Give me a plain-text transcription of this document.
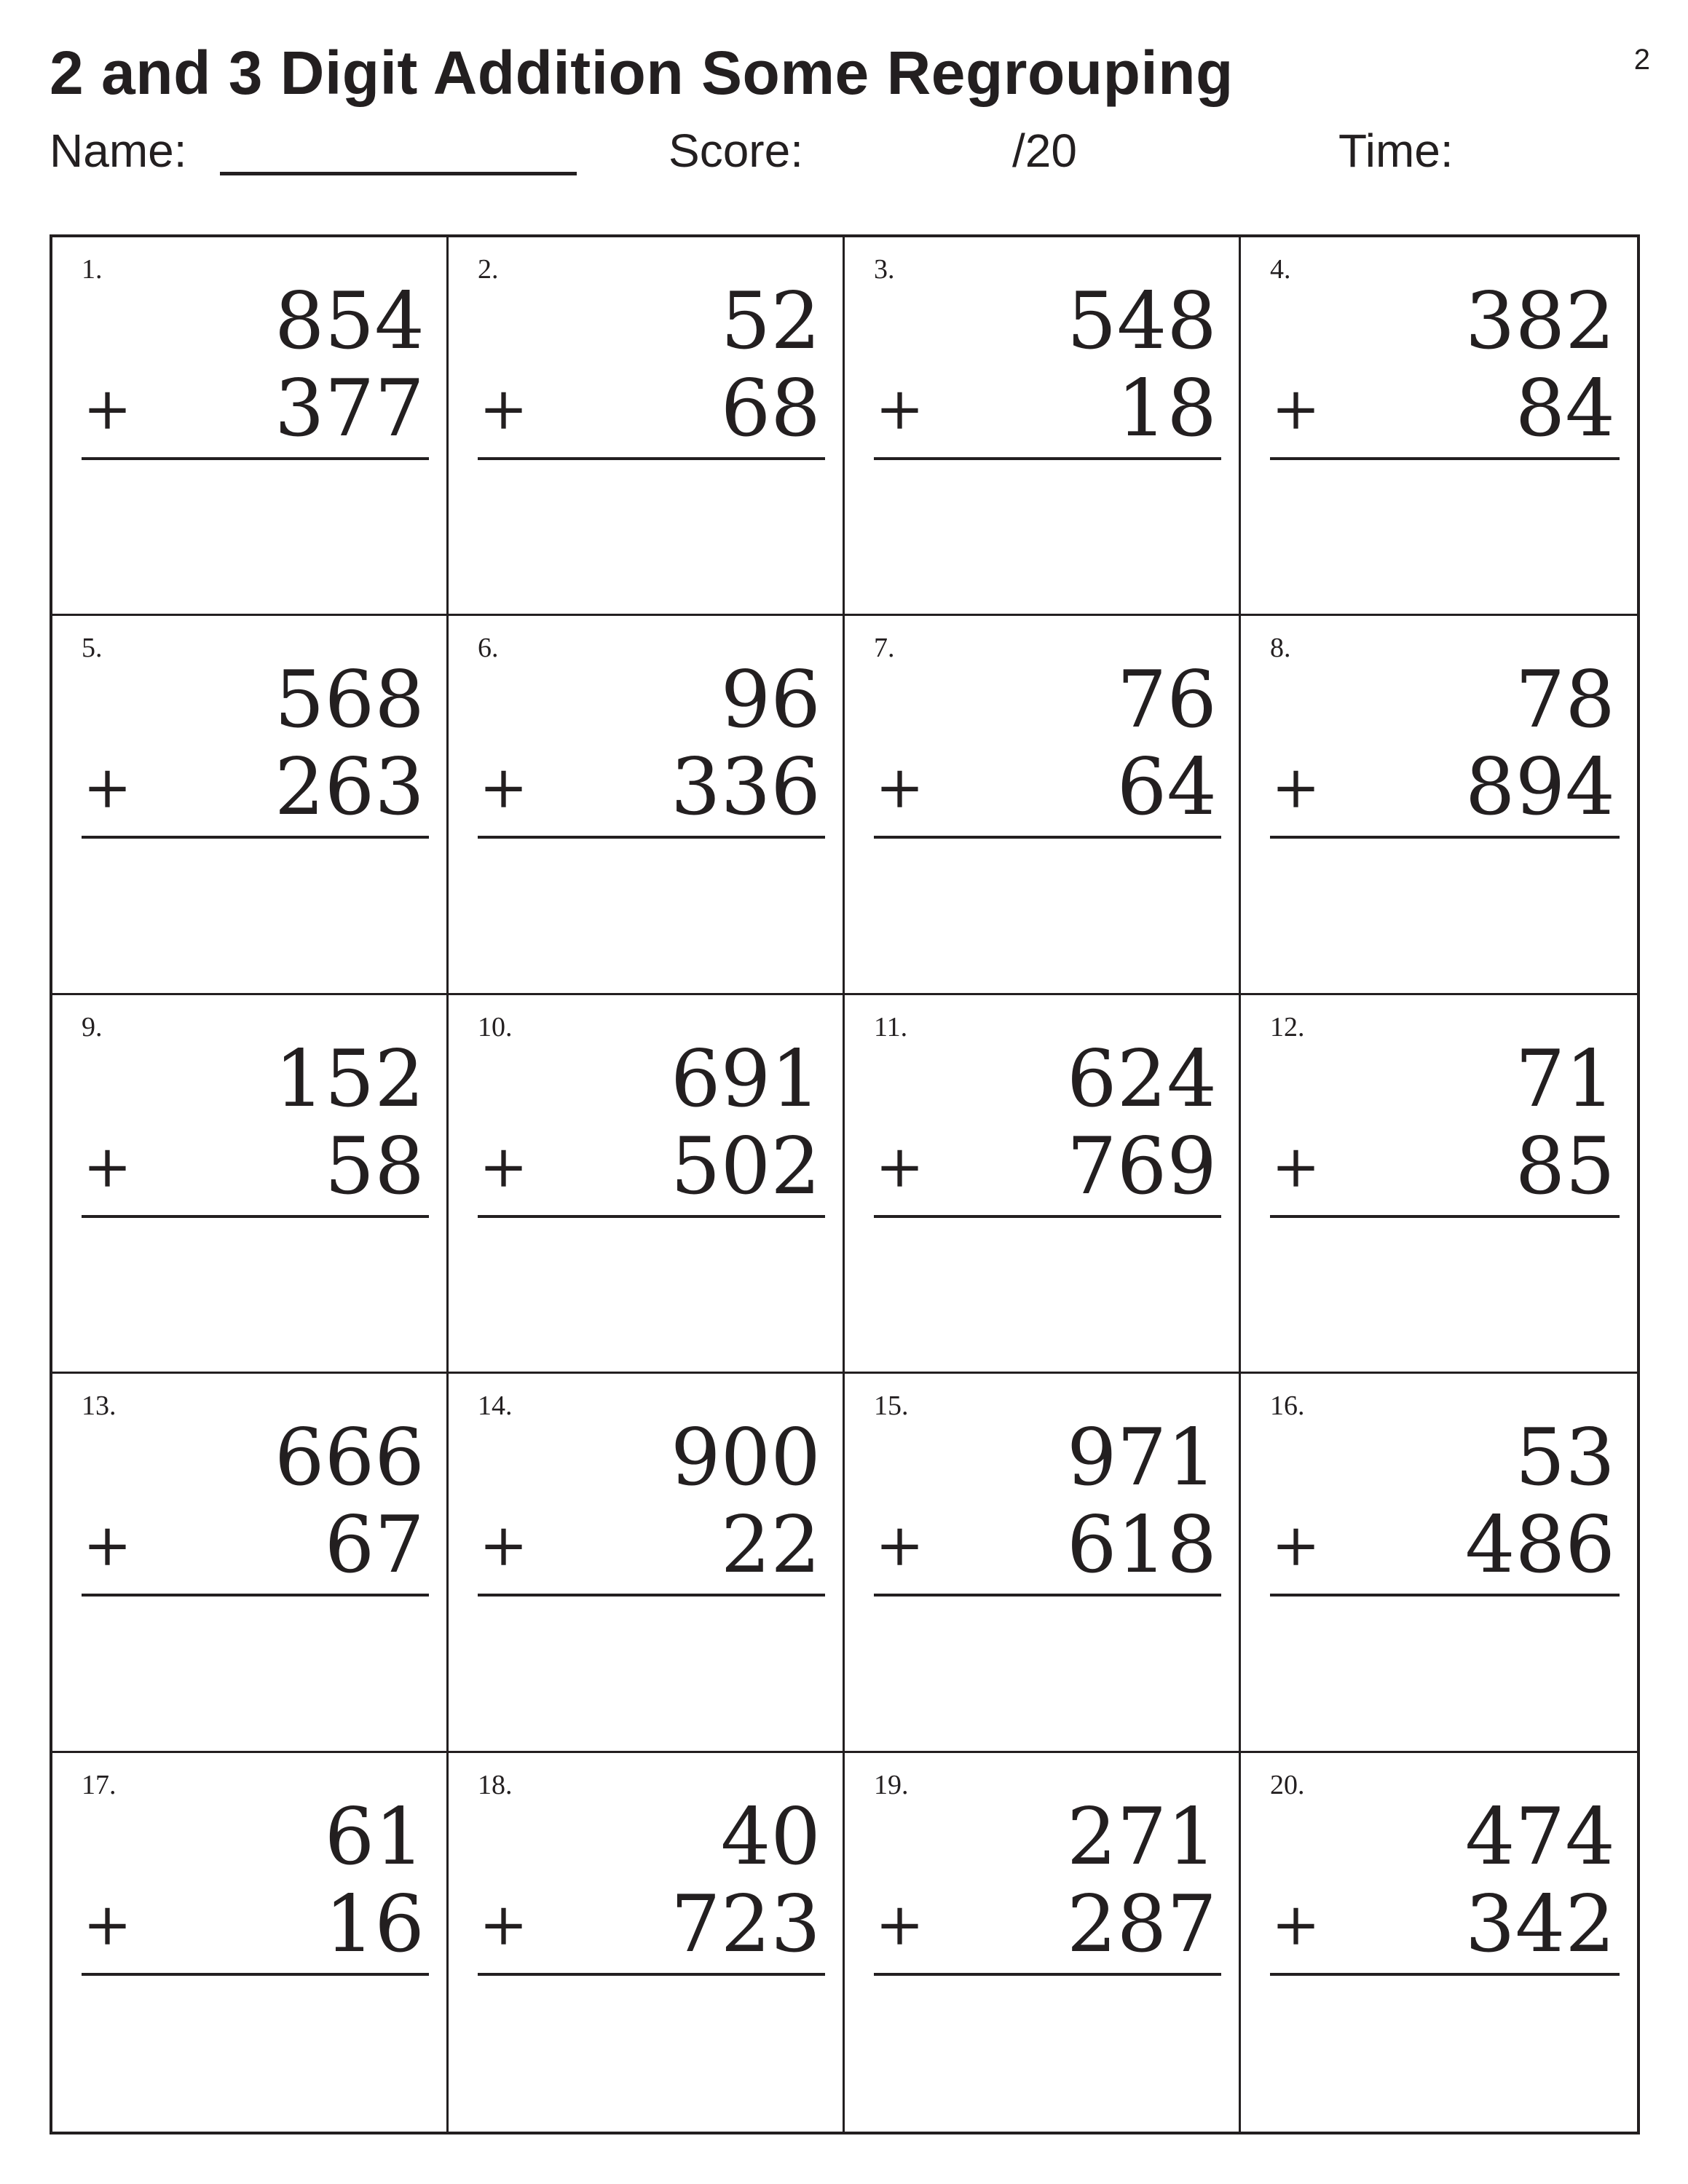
2 and 3 Digit Addition Some Regrouping	2
Name:	Score:	/20	Time:
1.
854
+ 377
2.
52
+ 68
3.
548
+ 18
4.
382
+ 84
5.
568
+ 263
6.
96
+ 336
7.
76
+ 64
8.
78
+ 894
9.
152
+ 58
10.
691
+ 502
11.
624
+ 769
12.
71
+ 85
13.
666
+ 67
14.
900
+ 22
15.
971
+ 618
16.
53
+ 486
17.
61
+ 16
18.
40
+ 723
19.
271
+ 287
20.
474
+ 342
